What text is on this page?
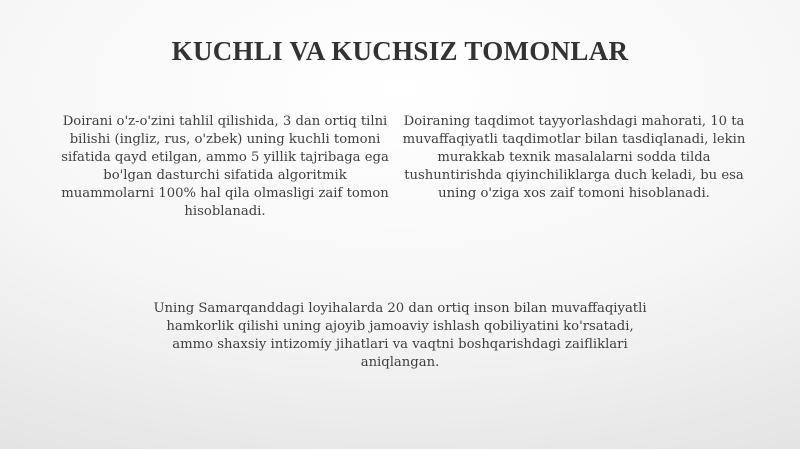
KUCHLI VA KUCHSIZ TOMONLAR
Doirani o'z-o'zini tahlil qilishida, 3 dan ortiq tilni bilishi (ingliz, rus, o'zbek) uning kuchli tomoni sifatida qayd etilgan, ammo 5 yillik tajribaga ega bo'lgan dasturchi sifatida algoritmik muammolarni 100% hal qila olmasligi zaif tomon hisoblanadi.
Doiraning taqdimot tayyorlashdagi mahorati, 10 ta muvaffaqiyatli taqdimotlar bilan tasdiqlanadi, lekin murakkab texnik masalalarni sodda tilda tushuntirishda qiyinchiliklarga duch keladi, bu esa uning o'ziga xos zaif tomoni hisoblanadi.
Uning Samarqanddagi loyihalarda 20 dan ortiq inson bilan muvaffaqiyatli hamkorlik qilishi uning ajoyib jamoaviy ishlash qobiliyatini ko'rsatadi, ammo shaxsiy intizomiy jihatlari va vaqtni boshqarishdagi zaifliklari aniqlangan.
